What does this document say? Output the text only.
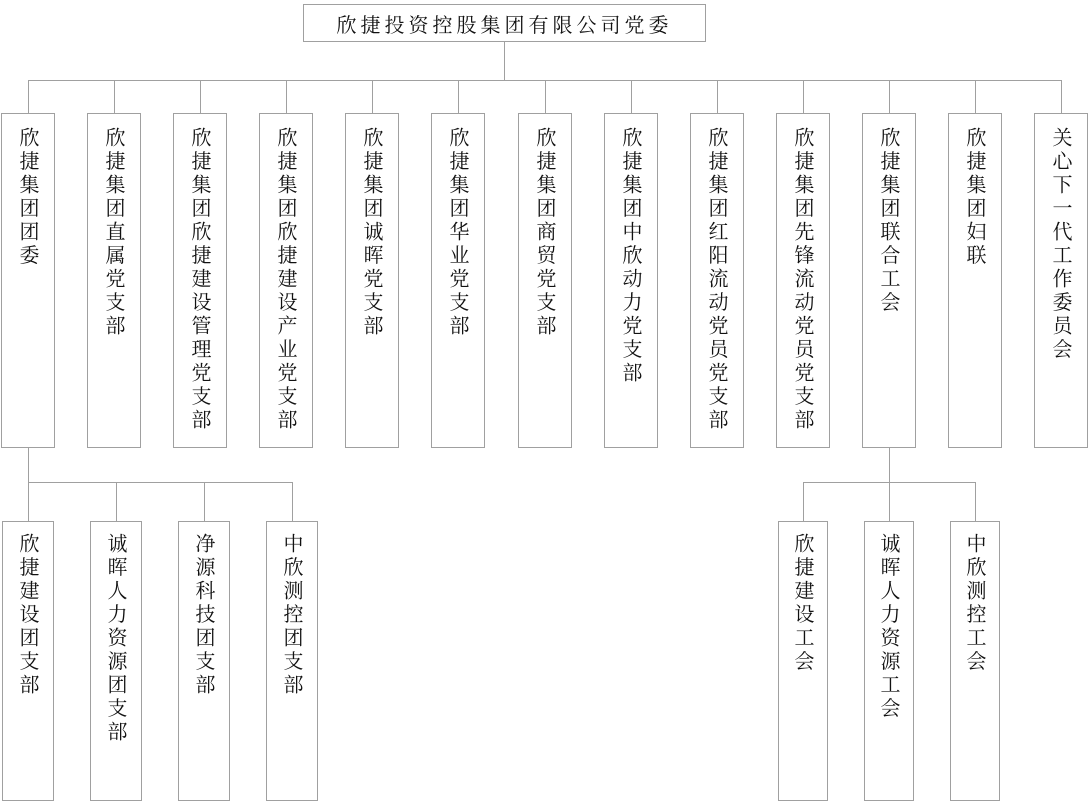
欣捷投资控股集团有限公司党委
欣捷集团团委	欣捷集团直属党支部	欣捷集团欣捷建设管理党支部	欣捷集团欣捷建设产业党支部	欣捷集团诚晖党支部	欣捷集团华业党支部	欣捷集团商贸党支部	欣捷集团中欣动力党支部	欣捷集团红阳流动党员党支部	欣捷集团先锋流动党员党支部	欣捷集团联合工会	欣捷集团妇联	关心下一代工作委员会
欣捷建设团支部	诚晖人力资源团支部	净源科技团支部	中欣测控团支部	欣捷建设工会	诚晖人力资源工会	中欣测控工会
